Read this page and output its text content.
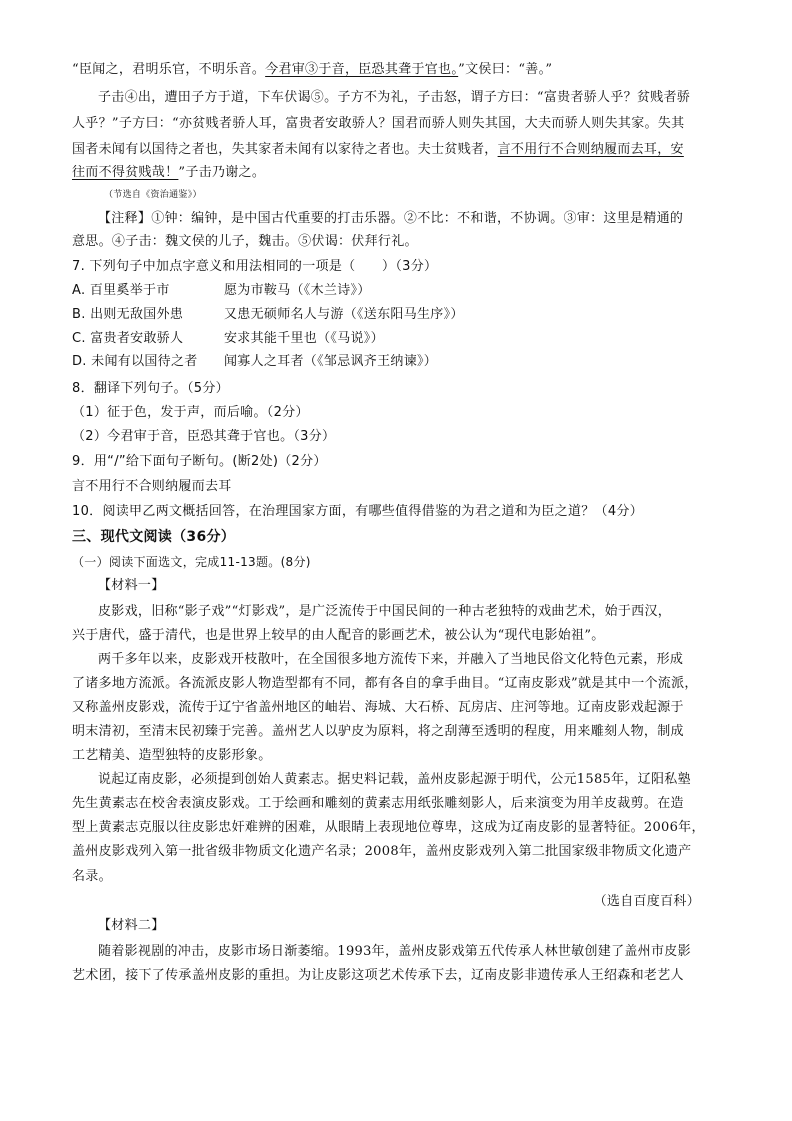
“臣闻之，君明乐官，不明乐音。今君审③于音，臣恐其聋于官也。”文侯曰：“善。”
子击④出，遭田子方于道，下车伏谒⑤。子方不为礼，子击怒，谓子方曰：“富贵者骄人乎？贫贱者骄
人乎？”子方曰：“亦贫贱者骄人耳，富贵者安敢骄人？国君而骄人则失其国，大夫而骄人则失其家。失其
国者未闻有以国待之者也，失其家者未闻有以家待之者也。夫士贫贱者，言不用行不合则纳履而去耳，安
往而不得贫贱哉！”子击乃谢之。
（节选自《资治通鉴》）
【注释】①钟：编钟，是中国古代重要的打击乐器。②不比：不和谐，不协调。③审：这里是精通的
意思。④子击：魏文侯的儿子，魏击。⑤伏谒：伏拜行礼。
7. 下列句子中加点字意义和用法相同的一项是（　　）（3分）
A. 百里奚举于市	愿为市鞍马（《木兰诗》）
B. 出则无敌国外患	又患无硕师名人与游（《送东阳马生序》）
C. 富贵者安敢骄人	安求其能千里也（《马说》）
D. 未闻有以国待之者 闻寡人之耳者（《邹忌讽齐王纳谏》）
8．翻译下列句子。（5分）
（1）征于色，发于声，而后喻。（2分）
（2）今君审于音，臣恐其聋于官也。（3分）
9．用“/”给下面句子断句。(断2处)（2分）
言不用行不合则纳履而去耳
10．阅读甲乙两文概括回答，在治理国家方面，有哪些值得借鉴的为君之道和为臣之道？（4分）
三、现代文阅读（36分）
（一）阅读下面选文，完成11-13题。(8分)
【材料一】
皮影戏，旧称“影子戏”“灯影戏”，是广泛流传于中国民间的一种古老独特的戏曲艺术，始于西汉，
兴于唐代，盛于清代，也是世界上较早的由人配音的影画艺术，被公认为“现代电影始祖”。
两千多年以来，皮影戏开枝散叶，在全国很多地方流传下来，并融入了当地民俗文化特色元素，形成
了诸多地方流派。各流派皮影人物造型都有不同，都有各自的拿手曲目。“辽南皮影戏”就是其中一个流派，
又称盖州皮影戏，流传于辽宁省盖州地区的岫岩、海城、大石桥、瓦房店、庄河等地。辽南皮影戏起源于
明末清初，至清末民初臻于完善。盖州艺人以驴皮为原料，将之刮薄至透明的程度，用来雕刻人物，制成
工艺精美、造型独特的皮影形象。
说起辽南皮影，必须提到创始人黄素志。据史料记载，盖州皮影起源于明代，公元1585年，辽阳私塾
先生黄素志在校舍表演皮影戏。工于绘画和雕刻的黄素志用纸张雕刻影人，后来演变为用羊皮裁剪。在造
型上黄素志克服以往皮影忠奸难辨的困难，从眼睛上表现地位尊卑，这成为辽南皮影的显著特征。2006年，
盖州皮影戏列入第一批省级非物质文化遗产名录；2008年，盖州皮影戏列入第二批国家级非物质文化遗产
名录。
（选自百度百科）
【材料二】
随着影视剧的冲击，皮影市场日渐萎缩。1993年，盖州皮影戏第五代传承人林世敏创建了盖州市皮影
艺术团，接下了传承盖州皮影的重担。为让皮影这项艺术传承下去，辽南皮影非遗传承人王绍森和老艺人
